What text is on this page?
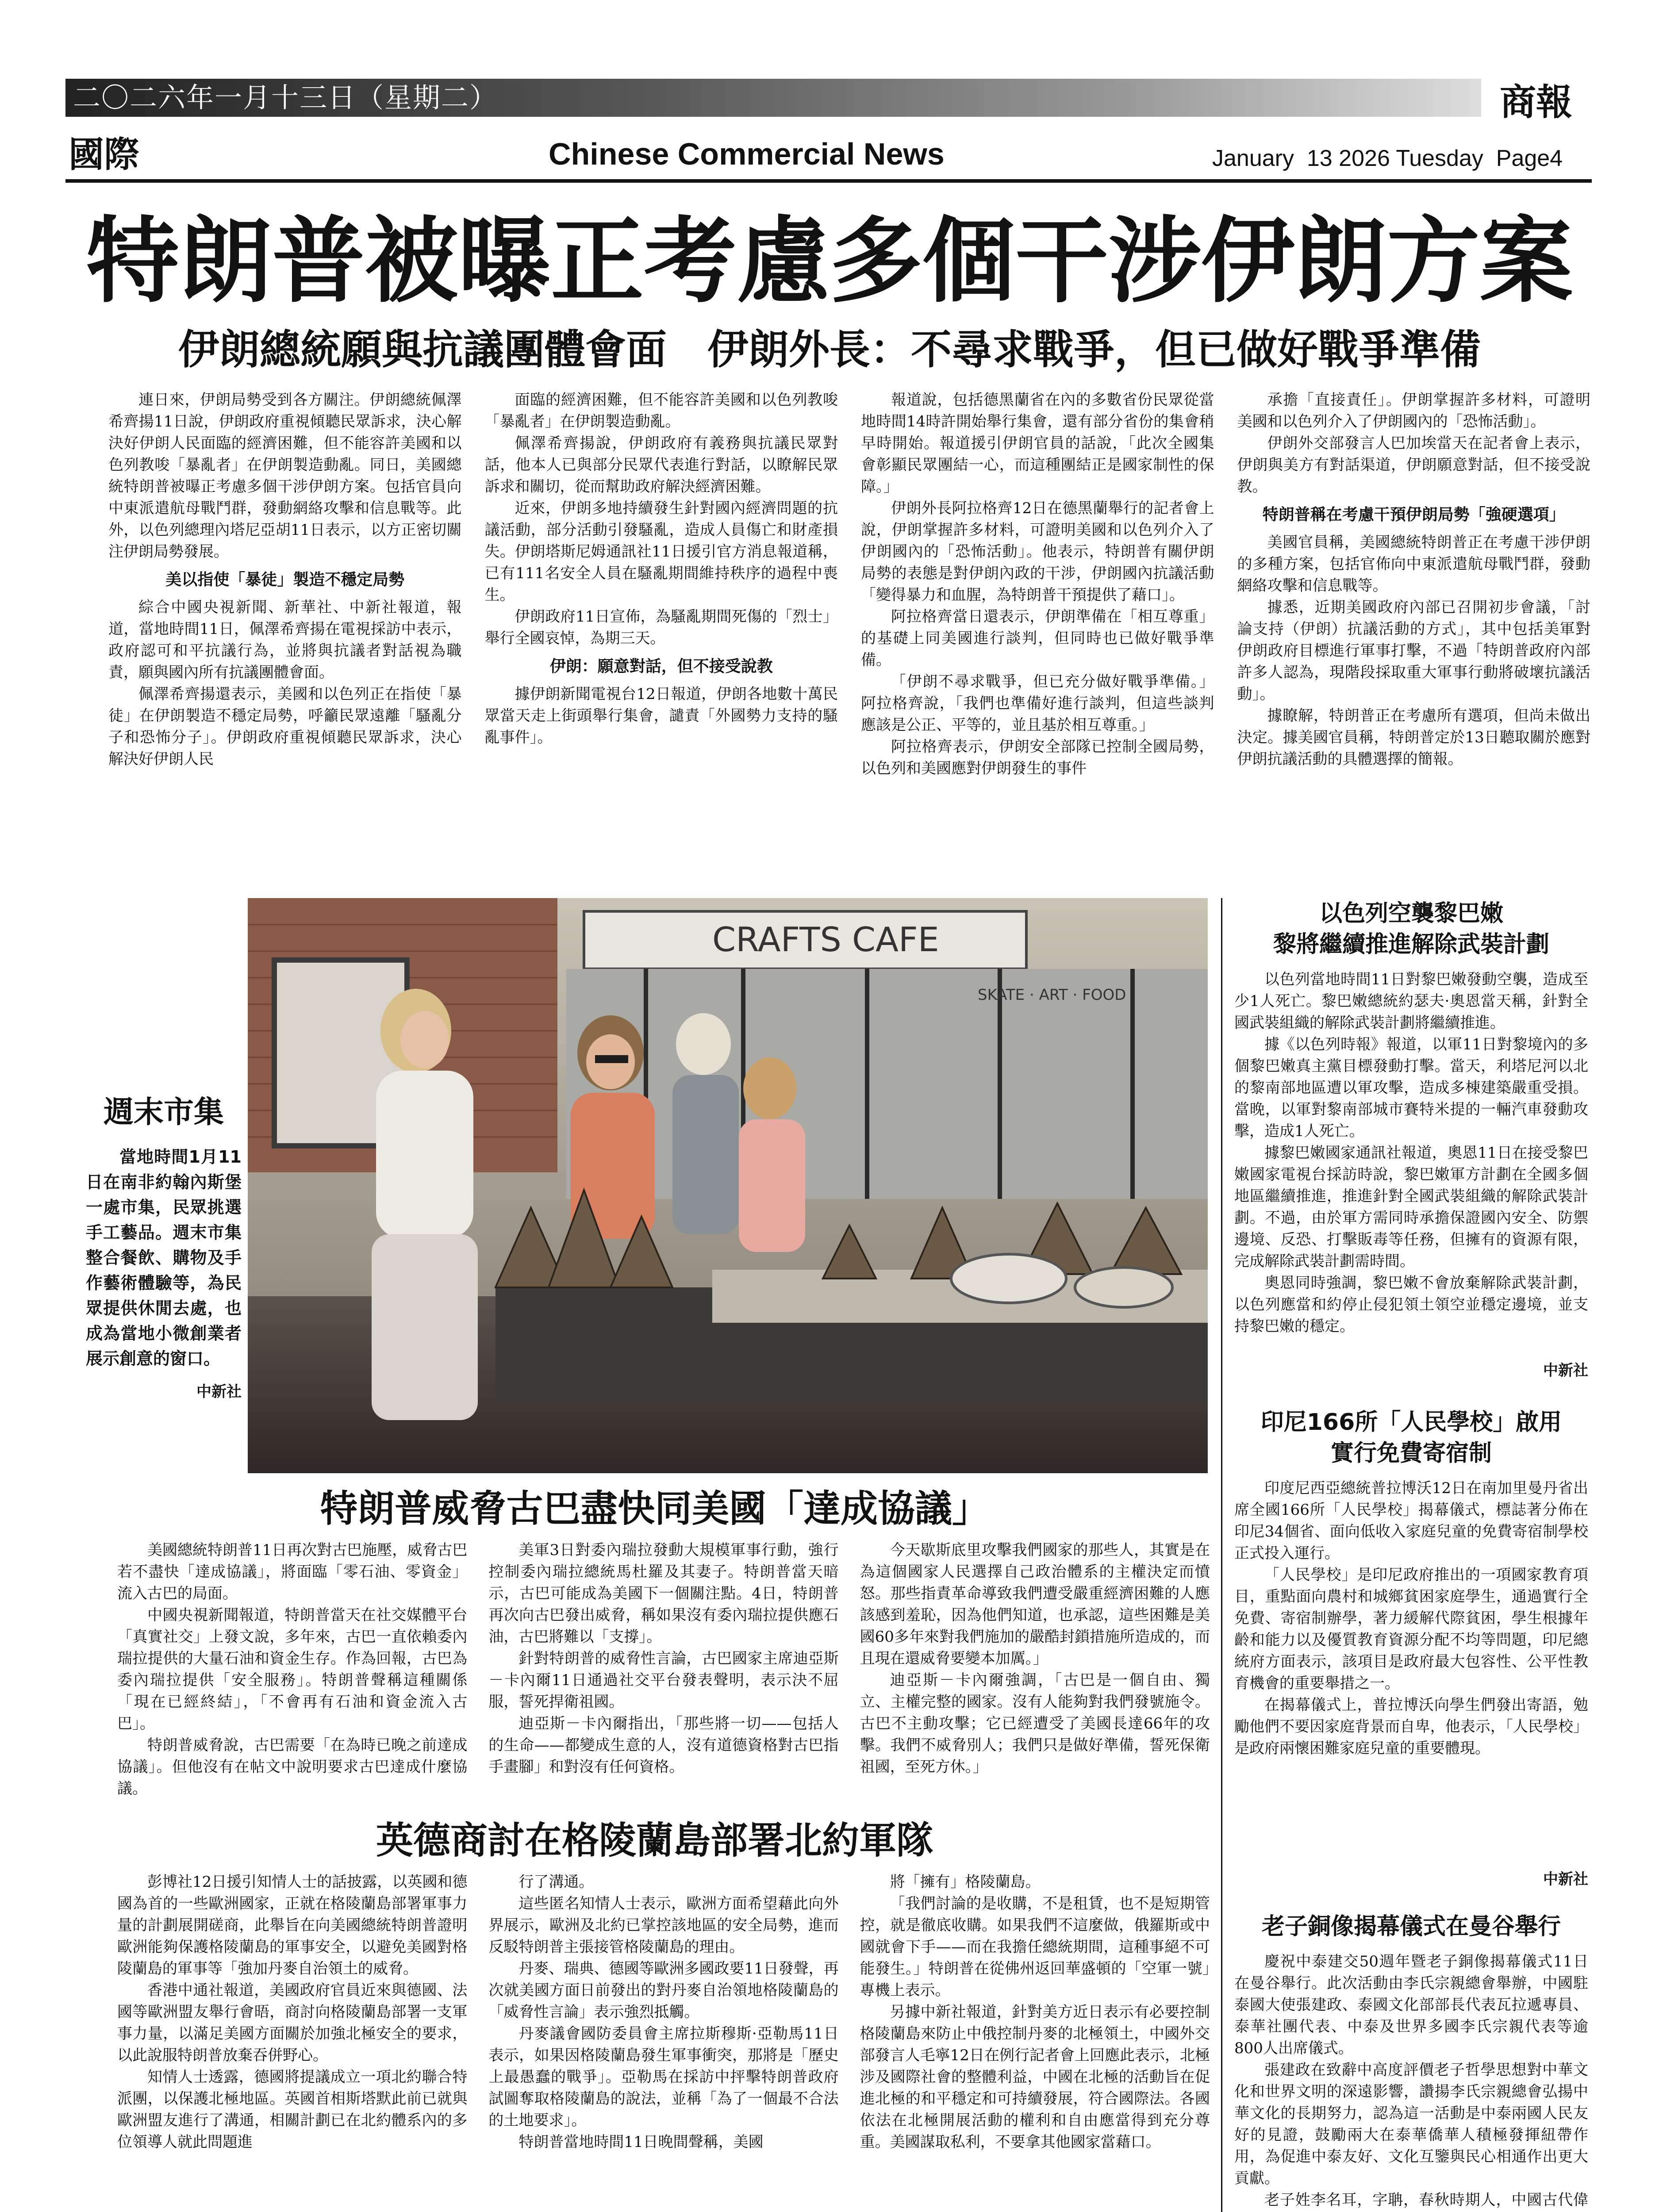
二〇二六年一月十三日（星期二）	商報
國際	Chinese Commercial News	January  13 2026 Tuesday  Page4
特朗普被曝正考慮多個干涉伊朗方案
伊朗總統願與抗議團體會面　伊朗外長：不尋求戰爭，但已做好戰爭準備

連日來，伊朗局勢受到各方關注。伊朗總統佩澤希齊揚11日說，伊朗政府重視傾聽民眾訴求，決心解決好伊朗人民面臨的經濟困難，但不能容許美國和以色列教唆「暴亂者」在伊朗製造動亂。同日，美國總統特朗普被曝正考慮多個干涉伊朗方案。包括官員向中東派遣航母戰鬥群，發動網絡攻擊和信息戰等。此外，以色列總理內塔尼亞胡11日表示，以方正密切關注伊朗局勢發展。

美以指使「暴徒」製造不穩定局勢

綜合中國央視新聞、新華社、中新社報道，報道，當地時間11日，佩澤希齊揚在電視採訪中表示，政府認可和平抗議行為，並將與抗議者對話視為職責，願與國內所有抗議團體會面。

佩澤希齊揚還表示，美國和以色列正在指使「暴徒」在伊朗製造不穩定局勢，呼籲民眾遠離「騷亂分子和恐怖分子」。伊朗政府重視傾聽民眾訴求，決心解決好伊朗人民

面臨的經濟困難，但不能容許美國和以色列教唆「暴亂者」在伊朗製造動亂。

佩澤希齊揚說，伊朗政府有義務與抗議民眾對話，他本人已與部分民眾代表進行對話，以瞭解民眾訴求和關切，從而幫助政府解決經濟困難。

近來，伊朗多地持續發生針對國內經濟問題的抗議活動，部分活動引發騷亂，造成人員傷亡和財產損失。伊朗塔斯尼姆通訊社11日援引官方消息報道稱，已有111名安全人員在騷亂期間維持秩序的過程中喪生。

伊朗政府11日宣佈，為騷亂期間死傷的「烈士」舉行全國哀悼，為期三天。

伊朗：願意對話，但不接受說教

據伊朗新聞電視台12日報道，伊朗各地數十萬民眾當天走上街頭舉行集會，譴責「外國勢力支持的騷亂事件」。

報道說，包括德黑蘭省在內的多數省份民眾從當地時間14時許開始舉行集會，還有部分省份的集會稍早時開始。報道援引伊朗官員的話說，「此次全國集會彰顯民眾團結一心，而這種團結正是國家制性的保障。」

伊朗外長阿拉格齊12日在德黑蘭舉行的記者會上說，伊朗掌握許多材料，可證明美國和以色列介入了伊朗國內的「恐怖活動」。他表示，特朗普有關伊朗局勢的表態是對伊朗內政的干涉，伊朗國內抗議活動「變得暴力和血腥，為特朗普干預提供了藉口」。

阿拉格齊當日還表示，伊朗準備在「相互尊重」的基礎上同美國進行談判，但同時也已做好戰爭準備。

「伊朗不尋求戰爭，但已充分做好戰爭準備。」阿拉格齊說，「我們也準備好進行談判，但這些談判應該是公正、平等的，並且基於相互尊重。」

阿拉格齊表示，伊朗安全部隊已控制全國局勢，以色列和美國應對伊朗發生的事件

承擔「直接責任」。伊朗掌握許多材料，可證明美國和以色列介入了伊朗國內的「恐怖活動」。

伊朗外交部發言人巴加埃當天在記者會上表示，伊朗與美方有對話渠道，伊朗願意對話，但不接受說教。

特朗普稱在考慮干預伊朗局勢「強硬選項」

美國官員稱，美國總統特朗普正在考慮干涉伊朗的多種方案，包括官佈向中東派遣航母戰鬥群，發動網絡攻擊和信息戰等。

據悉，近期美國政府內部已召開初步會議，「討論支持（伊朗）抗議活動的方式」，其中包括美軍對伊朗政府目標進行軍事打擊，不過「特朗普政府內部許多人認為，現階段採取重大軍事行動將破壞抗議活動」。

據瞭解，特朗普正在考慮所有選項，但尚未做出決定。據美國官員稱，特朗普定於13日聽取關於應對伊朗抗議活動的具體選擇的簡報。

週末市集

當地時間1月11日在南非約翰內斯堡一處市集，民眾挑選手工藝品。週末市集整合餐飲、購物及手作藝術體驗等，為民眾提供休閒去處，也成為當地小微創業者展示創意的窗口。

中新社
CRAFTS CAFE
SKATE · ART · FOOD
特朗普威脅古巴盡快同美國「達成協議」

美國總統特朗普11日再次對古巴施壓，威脅古巴若不盡快「達成協議」，將面臨「零石油、零資金」流入古巴的局面。

中國央視新聞報道，特朗普當天在社交媒體平台「真實社交」上發文說，多年來，古巴一直依賴委內瑞拉提供的大量石油和資金生存。作為回報，古巴為委內瑞拉提供「安全服務」。特朗普聲稱這種關係「現在已經終結」，「不會再有石油和資金流入古巴」。

特朗普威脅說，古巴需要「在為時已晚之前達成協議」。但他沒有在帖文中說明要求古巴達成什麼協議。

美軍3日對委內瑞拉發動大規模軍事行動，強行控制委內瑞拉總統馬杜羅及其妻子。特朗普當天暗示，古巴可能成為美國下一個關注點。4日，特朗普再次向古巴發出威脅，稱如果沒有委內瑞拉提供應石油，古巴將難以「支撐」。

針對特朗普的威脅性言論，古巴國家主席迪亞斯－卡內爾11日通過社交平台發表聲明，表示決不屈服，誓死捍衛祖國。

迪亞斯－卡內爾指出，「那些將一切——包括人的生命——都變成生意的人，沒有道德資格對古巴指手畫腳」和對沒有任何資格。

今天歇斯底里攻擊我們國家的那些人，其實是在為這個國家人民選擇自己政治體系的主權決定而憤怒。那些指責革命導致我們遭受嚴重經濟困難的人應該感到羞恥，因為他們知道，也承認，這些困難是美國60多年來對我們施加的嚴酷封鎖措施所造成的，而且現在還威脅要變本加厲。」

迪亞斯－卡內爾強調，「古巴是一個自由、獨立、主權完整的國家。沒有人能夠對我們發號施令。古巴不主動攻擊；它已經遭受了美國長達66年的攻擊。我們不威脅別人；我們只是做好準備，誓死保衛祖國，至死方休。」

英德商討在格陵蘭島部署北約軍隊

彭博社12日援引知情人士的話披露，以英國和德國為首的一些歐洲國家，正就在格陵蘭島部署軍事力量的計劃展開磋商，此舉旨在向美國總統特朗普證明歐洲能夠保護格陵蘭島的軍事安全，以避免美國對格陵蘭島的軍事等「強加丹麥自治領土的威脅。

香港中通社報道，美國政府官員近來與德國、法國等歐洲盟友舉行會晤，商討向格陵蘭島部署一支軍事力量，以滿足美國方面關於加強北極安全的要求，以此說服特朗普放棄吞併野心。

知情人士透露，德國將提議成立一項北約聯合特派團，以保護北極地區。英國首相斯塔默此前已就與歐洲盟友進行了溝通，相關計劃已在北約體系內的多位領導人就此問題進

行了溝通。

這些匿名知情人士表示，歐洲方面希望藉此向外界展示，歐洲及北約已掌控該地區的安全局勢，進而反駁特朗普主張接管格陵蘭島的理由。

丹麥、瑞典、德國等歐洲多國政要11日發聲，再次就美國方面日前發出的對丹麥自治領地格陵蘭島的「威脅性言論」表示強烈抵觸。

丹麥議會國防委員會主席拉斯穆斯·亞勒馬11日表示，如果因格陵蘭島發生軍事衝突，那將是「歷史上最愚蠢的戰爭」。亞勒馬在採訪中抨擊特朗普政府試圖奪取格陵蘭島的說法，並稱「為了一個最不合法的土地要求」。

特朗普當地時間11日晚間聲稱，美國

將「擁有」格陵蘭島。

「我們討論的是收購，不是租賃，也不是短期管控，就是徹底收購。如果我們不這麼做，俄羅斯或中國就會下手——而在我擔任總統期間，這種事絕不可能發生。」特朗普在從佛州返回華盛頓的「空軍一號」專機上表示。

另據中新社報道，針對美方近日表示有必要控制格陵蘭島來防止中俄控制丹麥的北極領土，中國外交部發言人毛寧12日在例行記者會上回應此表示，北極涉及國際社會的整體利益，中國在北極的活動旨在促進北極的和平穩定和可持續發展，符合國際法。各國依法在北極開展活動的權利和自由應當得到充分尊重。美國謀取私利，不要拿其他國家當藉口。

以色列空襲黎巴嫩
黎將繼續推進解除武裝計劃

以色列當地時間11日對黎巴嫩發動空襲，造成至少1人死亡。黎巴嫩總統約瑟夫·奧恩當天稱，針對全國武裝組織的解除武裝計劃將繼續推進。

據《以色列時報》報道，以軍11日對黎境內的多個黎巴嫩真主黨目標發動打擊。當天，利塔尼河以北的黎南部地區遭以軍攻擊，造成多棟建築嚴重受損。當晚，以軍對黎南部城市賽特米提的一輛汽車發動攻擊，造成1人死亡。

據黎巴嫩國家通訊社報道，奧恩11日在接受黎巴嫩國家電視台採訪時說，黎巴嫩軍方計劃在全國多個地區繼續推進，推進針對全國武裝組織的解除武裝計劃。不過，由於軍方需同時承擔保證國內安全、防禦邊境、反恐、打擊販毒等任務，但擁有的資源有限，完成解除武裝計劃需時間。

奧恩同時強調，黎巴嫩不會放棄解除武裝計劃，以色列應當和約停止侵犯領土領空並穩定邊境，並支持黎巴嫩的穩定。

中新社
印尼166所「人民學校」啟用
實行免費寄宿制

印度尼西亞總統普拉博沃12日在南加里曼丹省出席全國166所「人民學校」揭幕儀式，標誌著分佈在印尼34個省、面向低收入家庭兒童的免費寄宿制學校正式投入運行。

「人民學校」是印尼政府推出的一項國家教育項目，重點面向農村和城鄉貧困家庭學生，通過實行全免費、寄宿制辦學，著力緩解代際貧困，學生根據年齡和能力以及優質教育資源分配不均等問題，印尼總統府方面表示，該項目是政府最大包容性、公平性教育機會的重要舉措之一。

在揭幕儀式上，普拉博沃向學生們發出寄語，勉勵他們不要因家庭背景而自卑，他表示，「人民學校」是政府兩懷困難家庭兒童的重要體現。

中新社
老子銅像揭幕儀式在曼谷舉行

慶祝中泰建交50週年暨老子銅像揭幕儀式11日在曼谷舉行。此次活動由李氏宗親總會舉辦，中國駐泰國大使張建政、泰國文化部部長代表瓦拉遞專員、泰華社團代表、中泰及世界多國李氏宗親代表等逾800人出席儀式。

張建政在致辭中高度評價老子哲學思想對中華文化和世界文明的深遠影響，讚揚李氏宗親總會弘揚中華文化的長期努力，認為這一活動是中泰兩國人民友好的見證，鼓勵兩大在泰華僑華人積極發揮紐帶作用，為促進中泰友好、文化互鑒與民心相通作出更大貢獻。

老子姓李名耳，字聃，春秋時期人，中國古代偉
